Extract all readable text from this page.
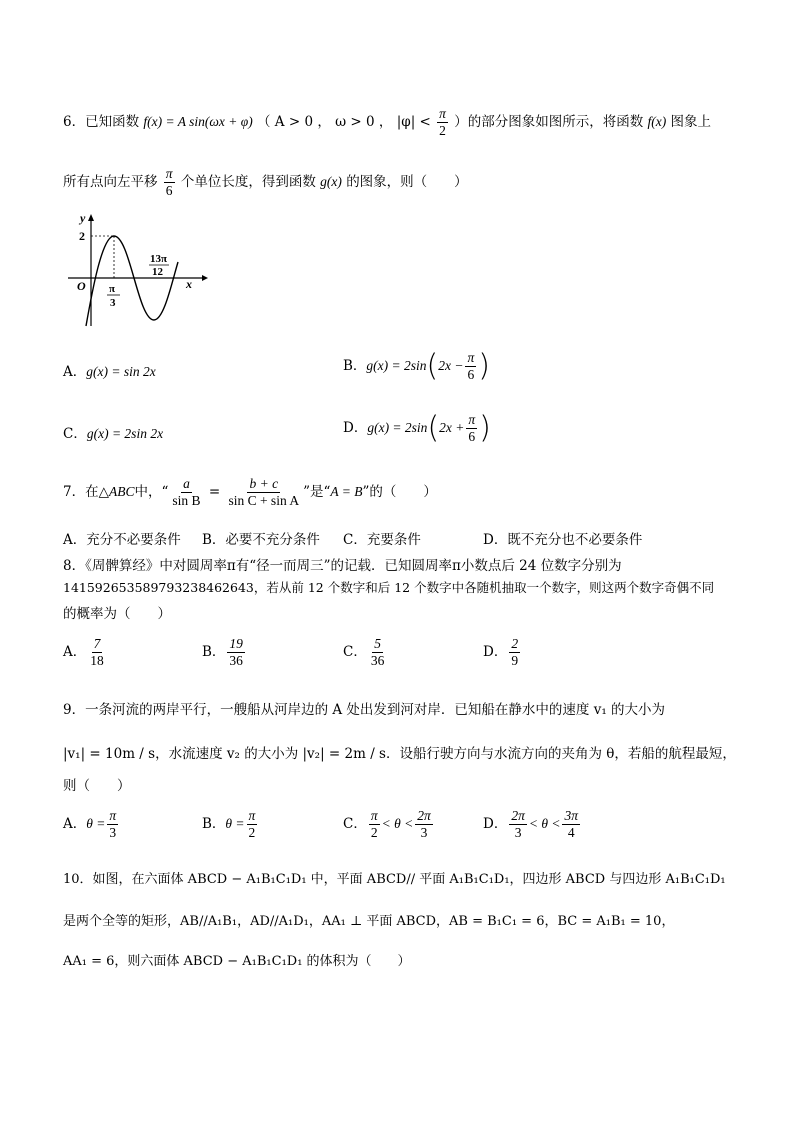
6．已知函数 f(x) = A sin(ωx + φ) （ A > 0 ， ω > 0 ， $|\varphi| < \frac{\pi}{2}$ ）的部分图象如图所示，将函数 f(x) 图象上
所有点向左平移 $\frac{\pi}{6}$ 个单位长度，得到函数 g(x) 的图象，则（　　）
y
x
O
2
π
3
13π
12
A．g(x) = sin 2x	B．$g(x) = 2\sin(2x - \frac{\pi}{6}$ )
C．g(x) = 2sin 2x	D．$g(x) = 2\sin(2x + \frac{\pi}{6}$ )
7．在△ABC中，“ $\frac{a}{\text{sin B}} = \frac{b + c}{\text{sin C + sin A}}$ ”是“A = B”的（　　）
A．充分不必要条件 B．必要不充分条件 C．充要条件	D．既不充分也不必要条件
8．《周髀算经》中对圆周率π有“径一而周三”的记载．已知圆周率π小数点后 24 位数字分别为
141592653589793238462643，若从前 12 个数字和后 12 个数字中各随机抽取一个数字，则这两个数字奇偶不同
的概率为（　　）
A． $\frac{7}{18}$	B． $\frac{19}{36}$	C． $\frac{5}{36}$	D． $\frac{2}{9}$
9．一条河流的两岸平行，一艘船从河岸边的 A 处出发到河对岸．已知船在静水中的速度 v₁ 的大小为
|v₁| = 10m / s，水流速度 v₂ 的大小为 |v₂| = 2m / s．设船行驶方向与水流方向的夹角为 θ，若船的航程最短，
则（　　）
A．$\theta = \frac{\pi}{3}$	B．$\theta = \frac{\pi}{2}$	C． $\frac{\pi}{2} < \theta < \frac{2\pi}{3}$	D． $\frac{2\pi}{3} < \theta < \frac{3\pi}{4}$
10．如图，在六面体 ABCD − A₁B₁C₁D₁ 中，平面 ABCD// 平面 A₁B₁C₁D₁，四边形 ABCD 与四边形 A₁B₁C₁D₁
是两个全等的矩形，AB//A₁B₁，AD//A₁D₁，AA₁ ⊥ 平面 ABCD，AB = B₁C₁ = 6，BC = A₁B₁ = 10，
AA₁ = 6，则六面体 ABCD − A₁B₁C₁D₁ 的体积为（　　）
